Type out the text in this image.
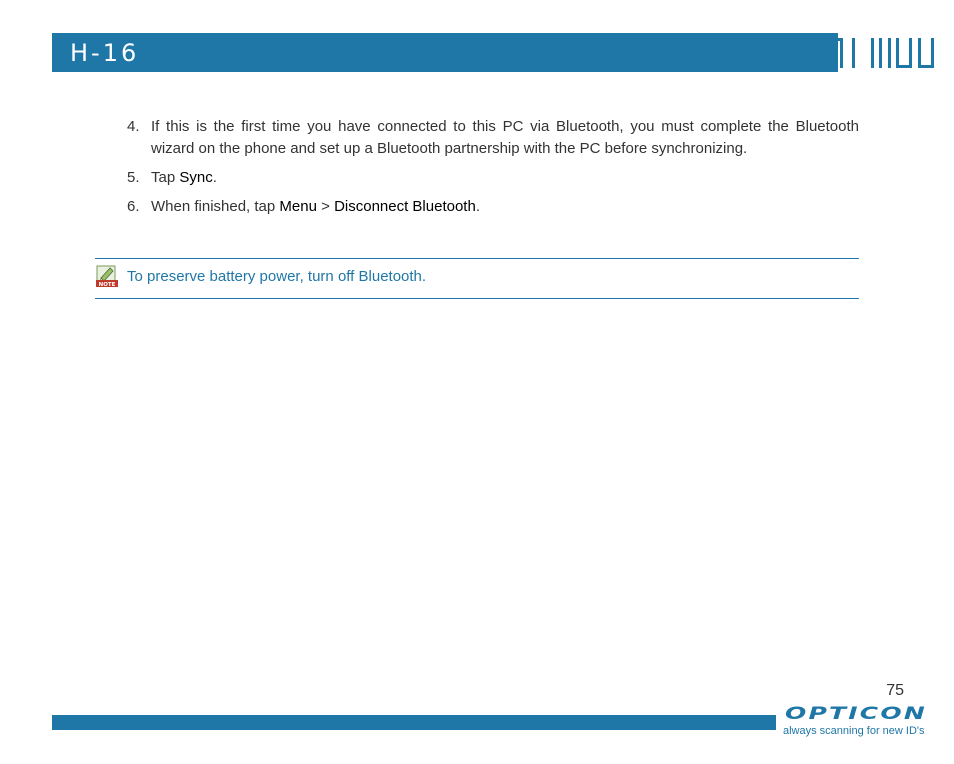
H-16
4. If this is the first time you have connected to this PC via Bluetooth, you must complete the Bluetooth wizard on the phone and set up a Bluetooth partnership with the PC before synchronizing.
5. Tap Sync.
6. When finished, tap Menu > Disconnect Bluetooth.
NOTE To preserve battery power, turn off Bluetooth.
75
OPTICON
always scanning for new ID's
